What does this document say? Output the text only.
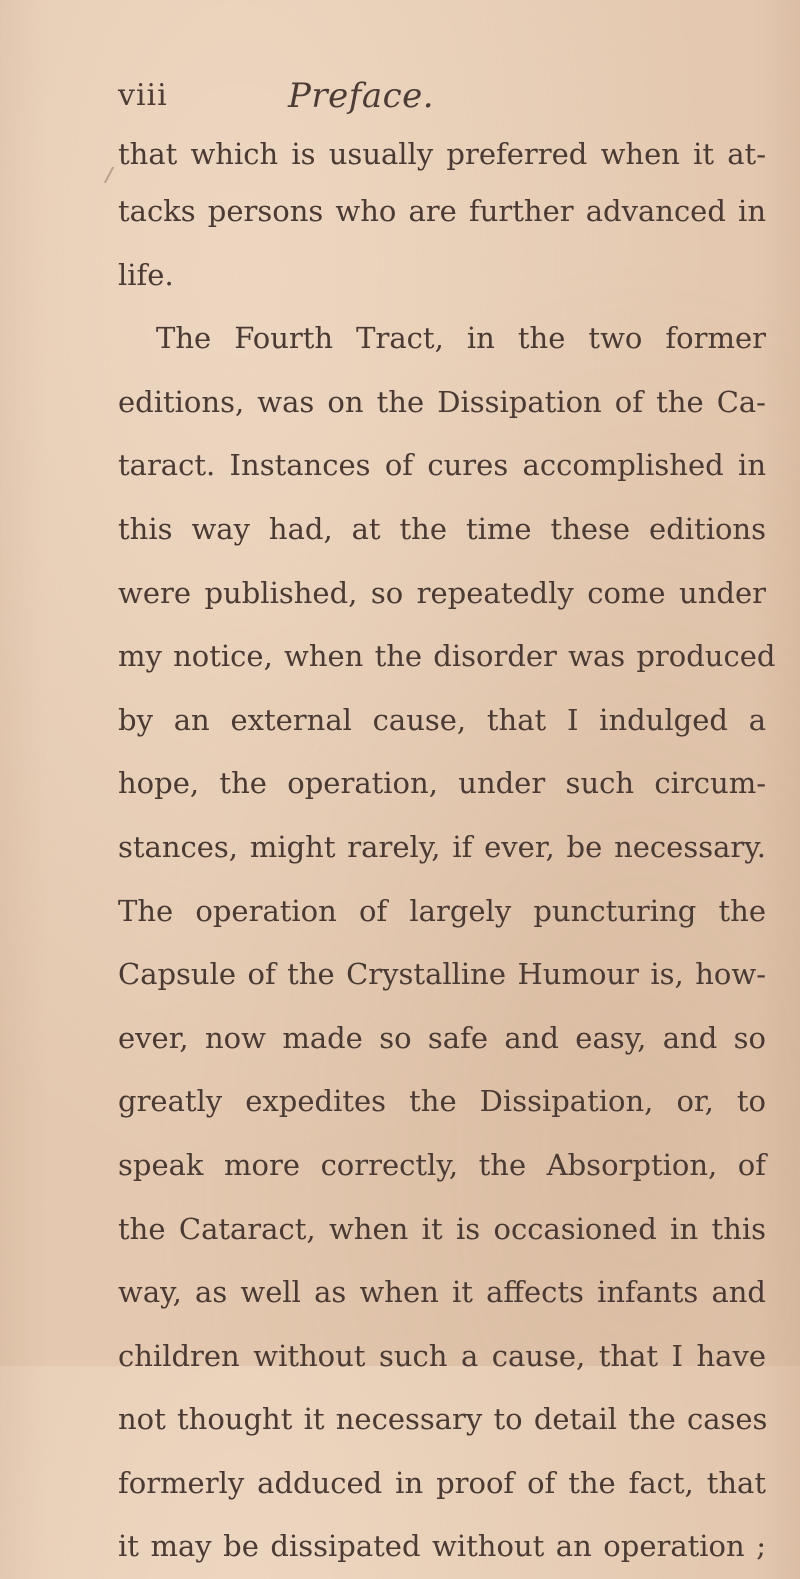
viii	Preface.
that which is usually preferred when it at-
tacks persons who are further advanced in
life.
The Fourth Tract, in the two former
editions, was on the Dissipation of the Ca-
taract. Instances of cures accomplished in
this way had, at the time these editions
were published, so repeatedly come under
my notice, when the disorder was produced
by an external cause, that I indulged a
hope, the operation, under such circum-
stances, might rarely, if ever, be necessary.
The operation of largely puncturing the
Capsule of the Crystalline Humour is, how-
ever, now made so safe and easy, and so
greatly expedites the Dissipation, or, to
speak more correctly, the Absorption, of
the Cataract, when it is occasioned in this
way, as well as when it affects infants and
children without such a cause, that I have
not thought it necessary to detail the cases
formerly adduced in proof of the fact, that
it may be dissipated without an operation ;
